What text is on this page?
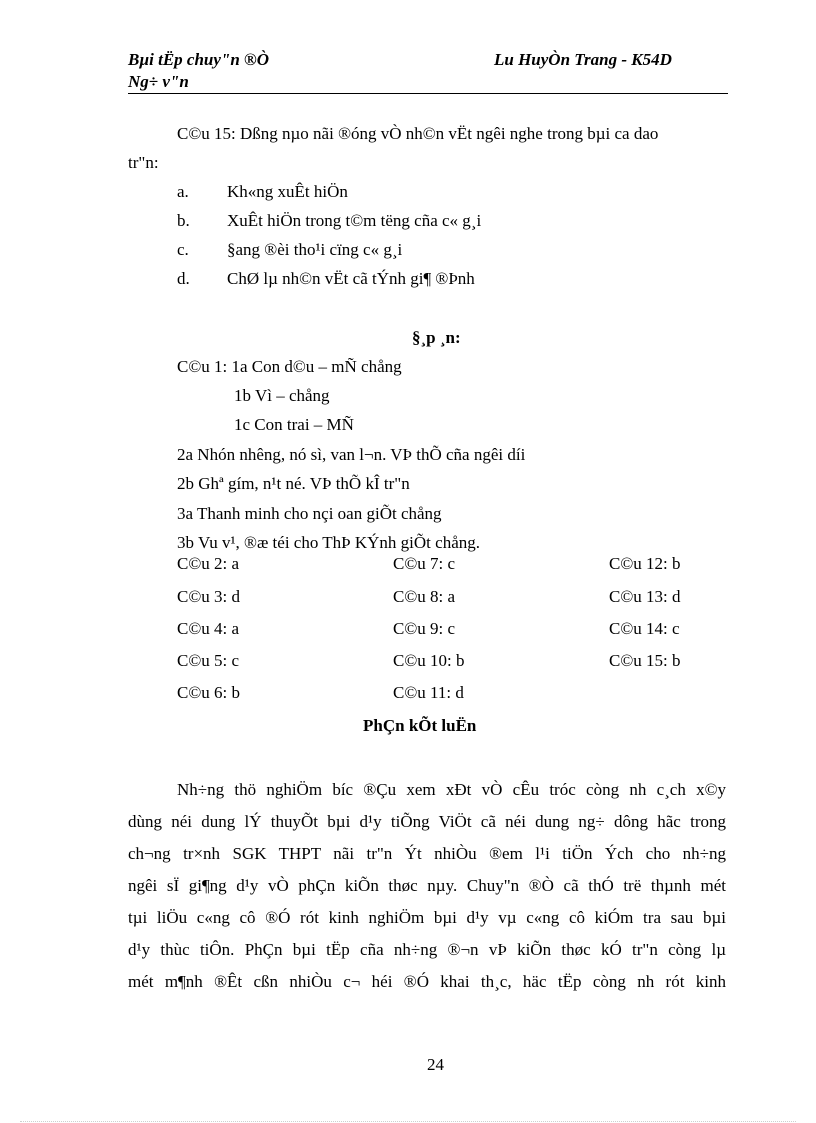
Bµi tËp chuy"n ®Ò
Ng÷ v"n
Lu HuyÒn Trang - K54D
C©u 15: Dßng nµo nãi ®óng vÒ nh©n vËt ngêi nghe trong bµi ca dao
tr"n:
a. Kh«ng xuÊt hiÖn
b. XuÊt hiÖn trong t©m tëng cña c« g¸i
c. §ang ®èi tho¹i cïng c« g¸i
d. ChØ lµ nh©n vËt cã tÝnh gi¶ ®Þnh
§¸p ¸n:
C©u 1: 1a Con d©u – mÑ chång
1b Vì – chång
1c Con trai – MÑ
2a Nhón nhêng, nó sì, van l¬n. VÞ thÕ cña ngêi díi
2b Ghª gím, n¹t né. VÞ thÕ kÎ tr"n
3a Thanh minh cho nçi oan giÕt chång
3b Vu v¹, ®æ téi cho ThÞ KÝnh giÕt chång.
C©u 2: a	C©u 7: c	C©u 12: b
C©u 3: d	C©u 8: a	C©u 13: d
C©u 4: a	C©u 9: c	C©u 14: c
C©u 5: c	C©u 10: b	C©u 15: b
C©u 6: b	C©u 11: d
PhÇn kÕt luËn
Nh÷ng thö nghiÖm bíc ®Çu xem xÐt vÒ cÊu tróc còng nh c¸ch x©y
dùng néi dung lÝ thuyÕt bµi d¹y tiÕng ViÖt cã néi dung ng÷ dông hãc trong
ch¬ng tr×nh SGK THPT nãi tr"n Ýt nhiÒu ®em l¹i tiÖn Ých cho nh÷ng
ngêi sÏ gi¶ng d¹y vÒ phÇn kiÕn thøc nµy. Chuy"n ®Ò cã thÓ trë thµnh mét
tµi liÖu c«ng cô ®Ó rót kinh nghiÖm bµi d¹y vµ c«ng cô kiÓm tra sau bµi
d¹y thùc tiÔn. PhÇn bµi tËp cña nh÷ng ®¬n vÞ kiÕn thøc kÓ tr"n còng lµ
mét m¶nh ®Êt cßn nhiÒu c¬ héi ®Ó khai th¸c, häc tËp còng nh rót kinh
24
